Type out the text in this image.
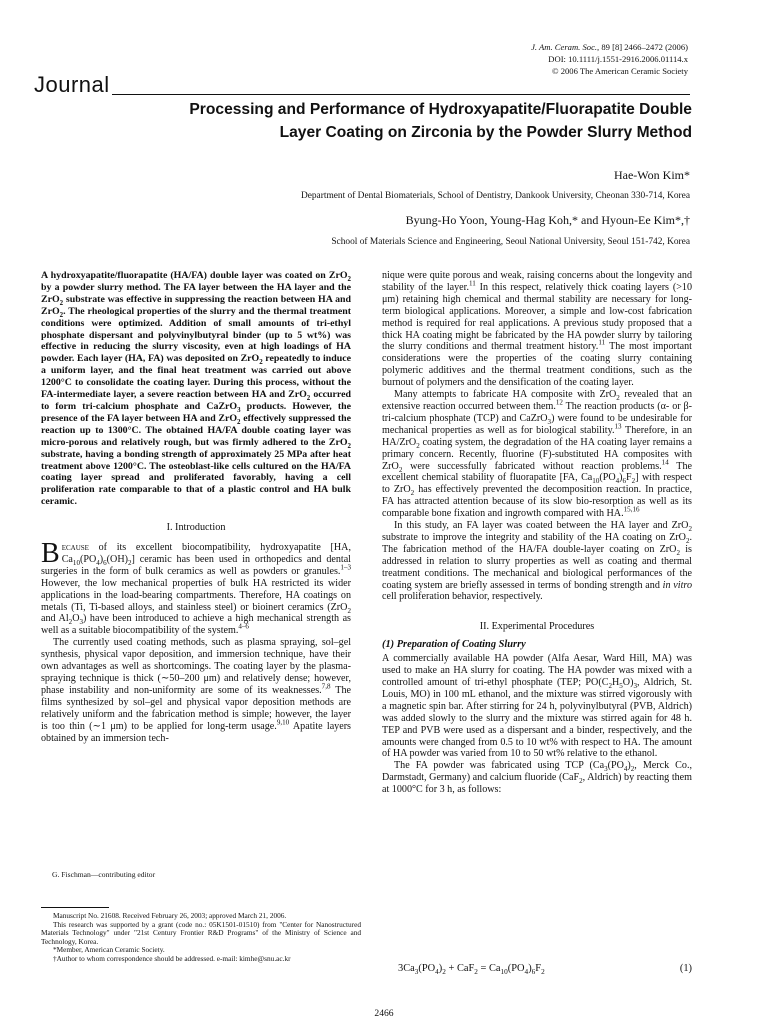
J. Am. Ceram. Soc., 89 [8] 2466–2472 (2006)
DOI: 10.1111/j.1551-2916.2006.01114.x
© 2006 The American Ceramic Society
Journal
Processing and Performance of Hydroxyapatite/Fluorapatite Double
Layer Coating on Zirconia by the Powder Slurry Method
Hae-Won Kim*
Department of Dental Biomaterials, School of Dentistry, Dankook University, Cheonan 330-714, Korea
Byung-Ho Yoon, Young-Hag Koh,* and Hyoun-Ee Kim*,†
School of Materials Science and Engineering, Seoul National University, Seoul 151-742, Korea

A hydroxyapatite/fluorapatite (HA/FA) double layer was coated on ZrO$_2$ by a powder slurry method. The FA layer between the HA layer and the ZrO$_2$ substrate was effective in suppressing the reaction between HA and ZrO$_2$. The rheological properties of the slurry and the thermal treatment conditions were optimized. Addition of small amounts of tri-ethyl phosphate dispersant and polyvinylbutyral binder (up to 5 wt%) was effective in reducing the slurry viscosity, even at high loadings of HA powder. Each layer (HA, FA) was deposited on ZrO$_2$ repeatedly to induce a uniform layer, and the final heat treatment was carried out above 1200°C to consolidate the coating layer. During this process, without the FA-intermediate layer, a severe reaction between HA and ZrO$_2$ occurred to form tri-calcium phosphate and CaZrO$_3$ products. However, the presence of the FA layer between HA and ZrO$_2$ effectively suppressed the reaction up to 1300°C. The obtained HA/FA double coating layer was micro-porous and relatively rough, but was firmly adhered to the ZrO$_2$ substrate, having a bonding strength of approximately 25 MPa after heat treatment above 1200°C. The osteoblast-like cells cultured on the HA/FA coating layer spread and proliferated favorably, having a cell proliferation rate comparable to that of a plastic control and HA bulk ceramic.

I. Introduction

Because of its excellent biocompatibility, hydroxyapatite [HA, $Ca_{10}(PO_4)_6(OH)_2$] ceramic has been used in orthopedics and dental surgeries in the form of bulk ceramics as well as powders or granules.$^{1-3}$ However, the low mechanical properties of bulk HA restricted its wider applications in the load-bearing compartments. Therefore, HA coatings on metals (Ti, Ti-based alloys, and stainless steel) or bioinert ceramics (ZrO$_2$ and $Al_2O_3$) have been introduced to achieve a high mechanical strength as well as a suitable biocompatibility of the system.$^{4-6}$

The currently used coating methods, such as plasma spraying, sol–gel synthesis, physical vapor deposition, and immersion technique, have their own advantages as well as shortcomings. The coating layer by the plasma-spraying technique is thick (∼50–200 μm) and relatively dense; however, phase instability and non-uniformity are some of its weaknesses.$^{7,8}$ The films synthesized by sol–gel and physical vapor deposition methods are relatively uniform and the fabrication method is simple; however, the layer is too thin (∼1 μm) to be applied for long-term usage.$^{9,10}$ Apatite layers obtained by an immersion tech-

G. Fischman—contributing editor
Manuscript No. 21608. Received February 26, 2003; approved March 21, 2006.
This research was supported by a grant (code no.: 05K1501-01510) from "Center for Nanostructured Materials Technology" under "21st Century Frontier R&D Programs" of the Ministry of Science and Technology, Korea.
*Member, American Ceramic Society.
†Author to whom correspondence should be addressed. e-mail: kimhe@snu.ac.kr

nique were quite porous and weak, raising concerns about the longevity and stability of the layer.$^{11}$ In this respect, relatively thick coating layers (>10 μm) retaining high chemical and thermal stability are necessary for long-term biological applications. Moreover, a simple and low-cost fabrication method is required for real applications. A previous study proposed that a thick HA coating might be fabricated by the HA powder slurry by tailoring the slurry conditions and thermal treatment history.$^{11}$ The most important considerations were the properties of the coating slurry containing polymeric additives and the thermal treatment conditions, such as the burnout of polymers and the densification of the coating layer.

Many attempts to fabricate HA composite with ZrO$_2$ revealed that an extensive reaction occurred between them.$^{12}$ The reaction products (α- or β-tri-calcium phosphate (TCP) and CaZrO$_3$) were found to be undesirable for mechanical properties as well as for biological stability.$^{13}$ Therefore, in an HA/ZrO$_2$ coating system, the degradation of the HA coating layer remains a primary concern. Recently, fluorine (F)-substituted HA composites with ZrO$_2$ were successfully fabricated without reaction problems.$^{14}$ The excellent chemical stability of fluorapatite [FA, $Ca_{10}(PO_4)_6F_2$] with respect to ZrO$_2$ has effectively prevented the decomposition reaction. In practice, FA has attracted attention because of its slow bio-resorption as well as its comparable bone fixation and ingrowth compared with HA.$^{15,16}$

In this study, an FA layer was coated between the HA layer and ZrO$_2$ substrate to improve the integrity and stability of the HA coating on ZrO$_2$. The fabrication method of the HA/FA double-layer coating on ZrO$_2$ is addressed in relation to slurry properties as well as coating and thermal treatment conditions. The mechanical and biological performances of the coating system are briefly assessed in terms of bonding strength and in vitro cell proliferation behavior, respectively.

II. Experimental Procedures

(1) Preparation of Coating Slurry

A commercially available HA powder (Alfa Aesar, Ward Hill, MA) was used to make an HA slurry for coating. The HA powder was mixed with a controlled amount of tri-ethyl phosphate (TEP; $PO(C_2H_5O)_3$, Aldrich, St. Louis, MO) in 100 mL ethanol, and the mixture was stirred vigorously with a magnetic spin bar. After stirring for 24 h, polyvinylbutyral (PVB, Aldrich) was added slowly to the slurry and the mixture was stirred again for 48 h. TEP and PVB were used as a dispersant and a binder, respectively, and the amounts were changed from 0.5 to 10 wt% with respect to HA. The amount of HA powder was varied from 10 to 50 wt% relative to the ethanol.

The FA powder was fabricated using TCP ($Ca_3(PO_4)_2$, Merck Co., Darmstadt, Germany) and calcium fluoride (CaF$_2$, Aldrich) by reacting them at 1000°C for 3 h, as follows:

$3Ca_3(PO_4)_2 + CaF_2 = Ca_{10}(PO_4)_6F_2$	(1)
2466
